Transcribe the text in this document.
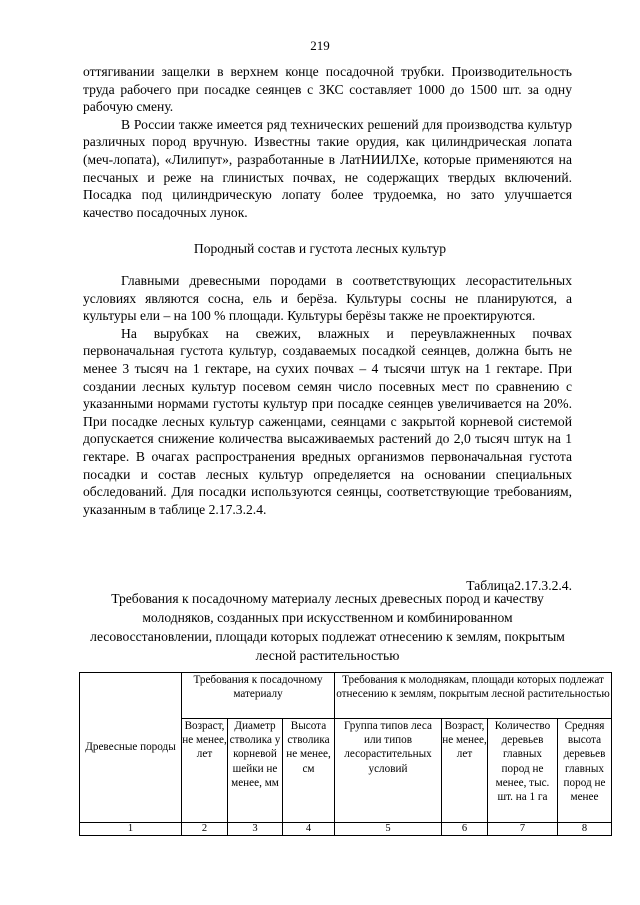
219

оттягивании защелки в верхнем конце посадочной трубки. Производительность труда рабочего при посадке сеянцев с ЗКС составляет 1000 до 1500 шт. за одну рабочую смену.

В России также имеется ряд технических решений для производства культур различных пород вручную. Известны такие орудия, как цилиндрическая лопата (меч-лопата), «Лилипут», разработанные в ЛатНИИЛХе, которые применяются на песчаных и реже на глинистых почвах, не содержащих твердых включений. Посадка под цилиндрическую лопату более трудоемка, но зато улучшается качество посадочных лунок.

Породный состав и густота лесных культур

Главными древесными породами в соответствующих лесорастительных условиях являются сосна, ель и берёза. Культуры сосны не планируются, а культуры ели – на 100 % площади. Культуры берёзы также не проектируются.

На вырубках на свежих, влажных и переувлажненных почвах первоначальная густота культур, создаваемых посадкой сеянцев, должна быть не менее 3 тысяч на 1 гектаре, на сухих почвах – 4 тысячи штук на 1 гектаре. При создании лесных культур посевом семян число посевных мест по сравнению с указанными нормами густоты культур при посадке сеянцев увеличивается на 20%. При посадке лесных культур саженцами, сеянцами с закрытой корневой системой допускается снижение количества высаживаемых растений до 2,0 тысяч штук на 1 гектаре. В очагах распространения вредных организмов первоначальная густота посадки и состав лесных культур определяется на основании специальных обследований. Для посадки используются сеянцы, соответствующие требованиям, указанным в таблице 2.17.3.2.4.

Таблица2.17.3.2.4.
Требования к посадочному материалу лесных древесных пород и качеству молодняков, созданных при искусственном и комбинированном лесовосстановлении, площади которых подлежат отнесению к землям, покрытым лесной растительностью
Древесные породы	Требования к посадочному материалу			Требования к молоднякам, площади которых подлежат отнесению к землям, покрытым лесной растительностью			
	Возраст, не менее, лет	Диаметр стволика у корневой шейки не менее, мм	Высота стволика не менее, см	Группа типов леса или типов лесорастительных условий	Возраст, не менее, лет	Количество деревьев главных пород не менее, тыс. шт. на 1 га	Средняя высота деревьев главных пород не менее
1	2	3	4	5	6	7	8
